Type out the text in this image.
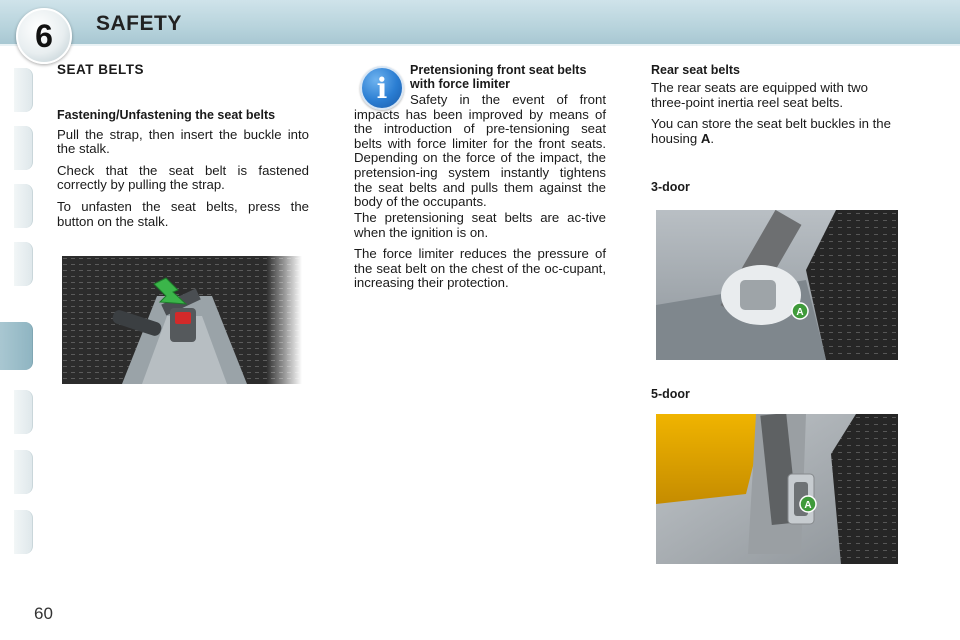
6	SAFETY
SEAT BELTS
Fastening/Unfastening the seat belts

Pull the strap, then insert the buckle into the stalk.

Check that the seat belt is fastened correctly by pulling the strap.

To unfasten the seat belts, press the button on the stalk.

i
Pretensioning front seat belts with force limiter

Safety in the event of front impacts has been improved by means of the introduction of pre-tensioning seat belts with force limiter for the front seats. Depending on the force of the impact, the pretension-ing system instantly tightens the seat belts and pulls them against the body of the occupants.

The pretensioning seat belts are ac-tive when the ignition is on.

The force limiter reduces the pressure of the seat belt on the chest of the oc-cupant, increasing their protection.

Rear seat belts

The rear seats are equipped with two three-point inertia reel seat belts.

You can store the seat belt buckles in the housing A.

3-door
5-door
A
A
60
